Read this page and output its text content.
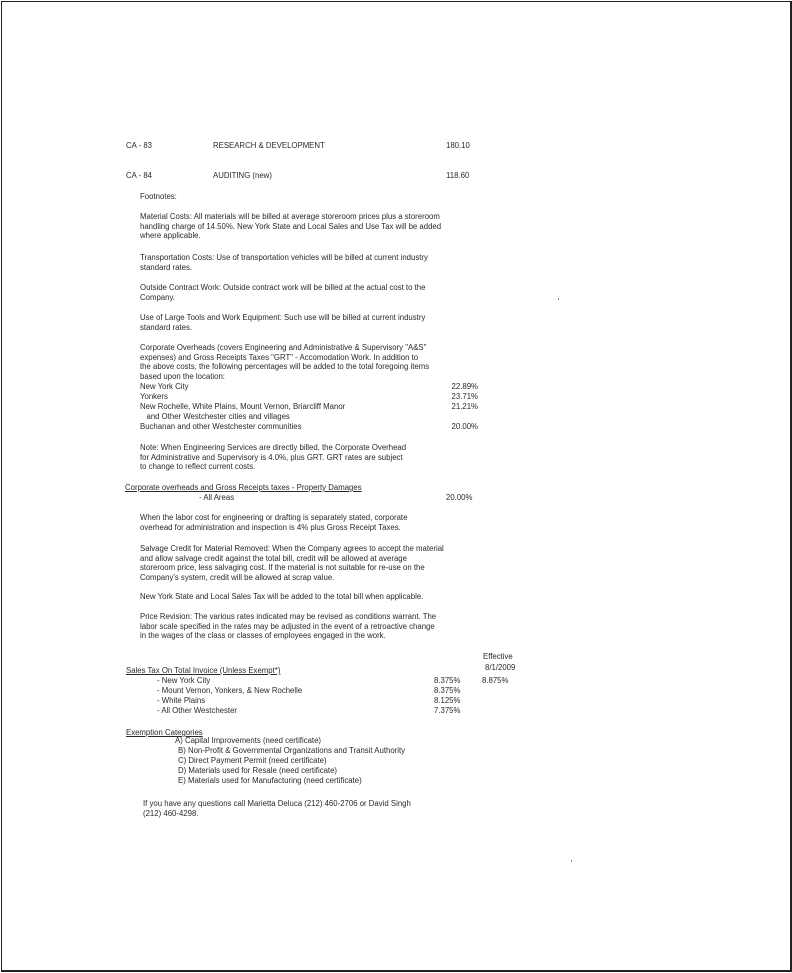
CA - 83	RESEARCH & DEVELOPMENT	180.10
CA - 84	AUDITING (new)	118.60
Footnotes:
Material Costs: All materials will be billed at average storeroom prices plus a storeroom
handling charge of 14.50%. New York State and Local Sales and Use Tax will be added
where applicable.
Transportation Costs: Use of transportation vehicles will be billed at current industry
standard rates.
Outside Contract Work: Outside contract work will be billed at the actual cost to the
Company.
Use of Large Tools and Work Equipment: Such use will be billed at current industry
standard rates.
Corporate Overheads (covers Engineering and Administrative & Supervisory "A&S"
expenses) and Gross Receipts Taxes "GRT" - Accomodation Work. In addition to
the above costs, the following percentages will be added to the total foregoing items
based upon the location:
New York City	22.89%
Yonkers	23.71%
New Rochelle, White Plains, Mount Vernon, Briarcliff Manor	21.21%
and Other Westchester cities and villages
Buchanan and other Westchester communities	20.00%
Note: When Engineering Services are directly billed, the Corporate Overhead
for Administrative and Supervisory is 4.0%, plus GRT. GRT rates are subject
to change to reflect current costs.
Corporate overheads and Gross Receipts taxes - Property Damages
- All Areas	20.00%
When the labor cost for engineering or drafting is separately stated, corporate
overhead for administration and inspection is 4% plus Gross Receipt Taxes.
Salvage Credit for Material Removed: When the Company agrees to accept the material
and allow salvage credit against the total bill, credit will be allowed at average
storeroom price, less salvaging cost. If the material is not suitable for re-use on the
Company's system, credit will be allowed at scrap value.
New York State and Local Sales Tax will be added to the total bill when applicable.
Price Revision: The various rates indicated may be revised as conditions warrant. The
labor scale specified in the rates may be adjusted in the event of a retroactive change
in the wages of the class or classes of employees engaged in the work.
Effective
8/1/2009
Sales Tax On Total Invoice (Unless Exempt*)
- New York City	8.375%	8.875%
- Mount Vernon, Yonkers, & New Rochelle	8.375%
- White Plains	8.125%
- All Other Westchester	7.375%
Exemption Categories
A) Capital Improvements (need certificate)
B) Non-Profit & Governmental Organizations and Transit Authority
C) Direct Payment Permit (need certificate)
D) Materials used for Resale (need certificate)
E) Materials used for Manufacturing (need certificate)
If you have any questions call Marietta Deluca (212) 460-2706 or David Singh
(212) 460-4298.
